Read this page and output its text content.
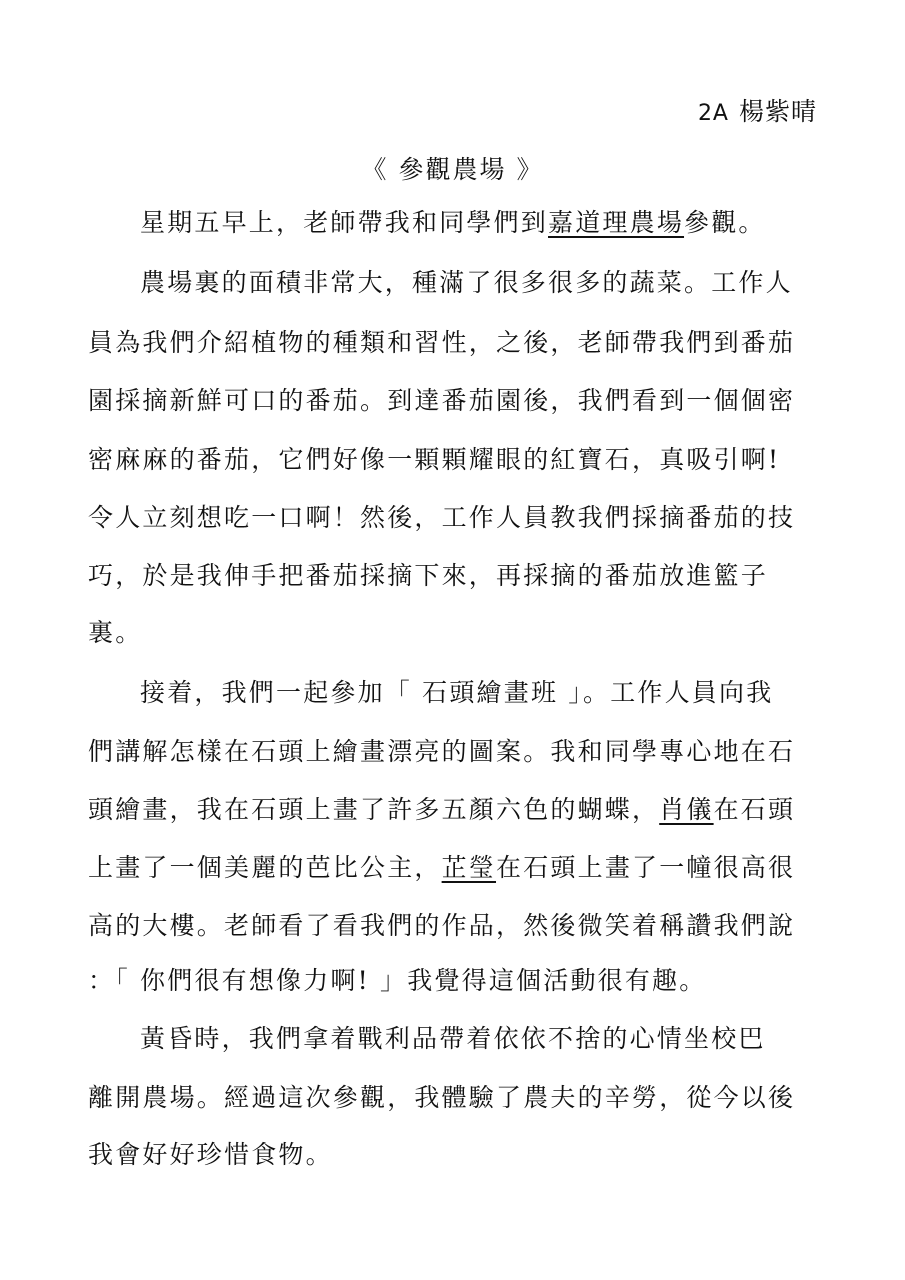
2A 楊紫晴
《 參觀農場 》
星期五早上，老師帶我和同學們到嘉道理農場參觀。
農場裏的面積非常大，種滿了很多很多的蔬菜。工作人
員為我們介紹植物的種類和習性，之後，老師帶我們到番茄
園採摘新鮮可口的番茄。到達番茄園後，我們看到一個個密
密麻麻的番茄，它們好像一顆顆耀眼的紅寶石，真吸引啊!
令人立刻想吃一口啊！然後，工作人員教我們採摘番茄的技
巧，於是我伸手把番茄採摘下來，再採摘的番茄放進籃子
裏。
接着，我們一起參加「 石頭繪畫班 」。工作人員向我
們講解怎樣在石頭上繪畫漂亮的圖案。我和同學專心地在石
頭繪畫，我在石頭上畫了許多五顏六色的蝴蝶，肖儀在石頭
上畫了一個美麗的芭比公主，芷瑩在石頭上畫了一幢很高很
高的大樓。老師看了看我們的作品，然後微笑着稱讚我們說
：「 你們很有想像力啊! 」我覺得這個活動很有趣。
黃昏時，我們拿着戰利品帶着依依不捨的心情坐校巴
離開農場。經過這次參觀，我體驗了農夫的辛勞，從今以後
我會好好珍惜食物。
